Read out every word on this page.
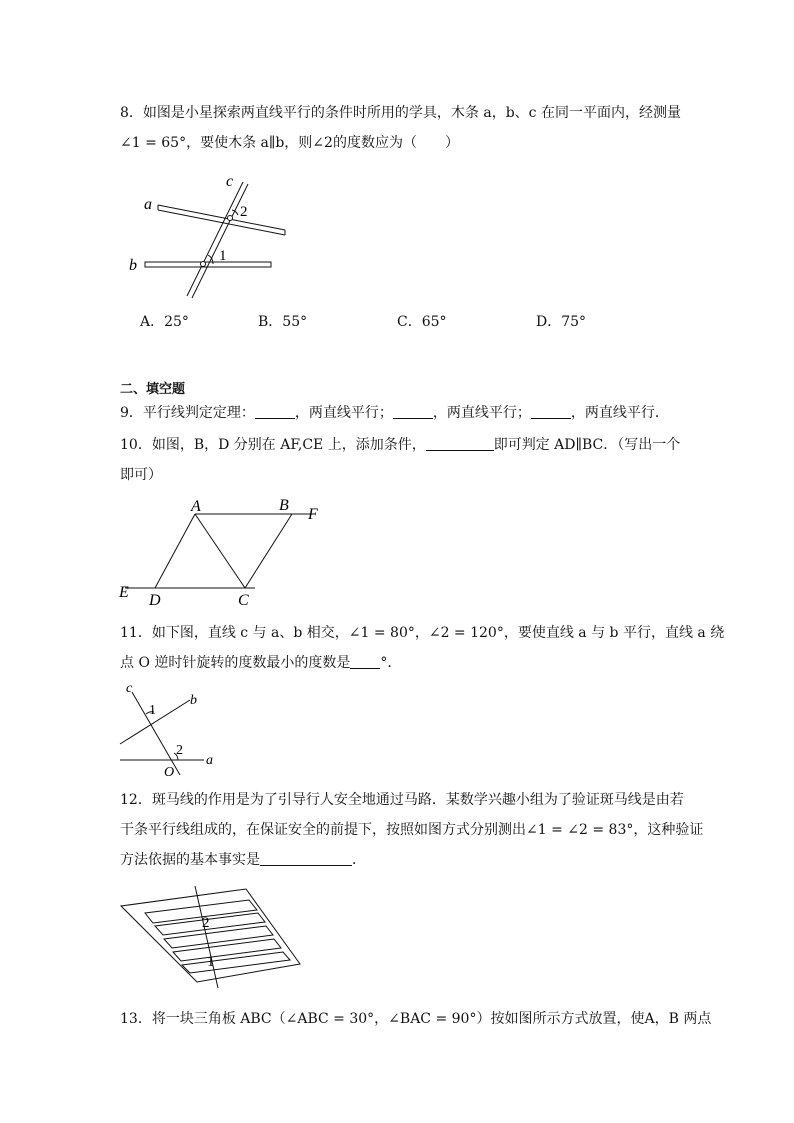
8．如图是小星探索两直线平行的条件时所用的学具，木条 a，b、c 在同一平面内，经测量
∠1 = 65°，要使木条 a∥b，则∠2的度数应为（　　）
a
b
c
2
1
A．25°	B．55°	C．65°	D．75°
二、填空题
9．平行线判定定理：	，两直线平行；	，两直线平行；	，两直线平行．
10．如图，B，D 分别在 AF,CE 上，添加条件，	即可判定 AD∥BC．（写出一个
即可）
A	B
F
E D	C
11．如下图，直线 c 与 a、b 相交，∠1 = 80°，∠2 = 120°，要使直线 a 与 b 平行，直线 a 绕
点 O 逆时针旋转的度数最小的度数是 °．
c
b
1
2
O
a
12．斑马线的作用是为了引导行人安全地通过马路．某数学兴趣小组为了验证斑马线是由若
干条平行线组成的，在保证安全的前提下，按照如图方式分别测出∠1 = ∠2 = 83°，这种验证
方法依据的基本事实是	．
2
1
13．将一块三角板 ABC（∠ABC = 30°，∠BAC = 90°）按如图所示方式放置，使A，B 两点
